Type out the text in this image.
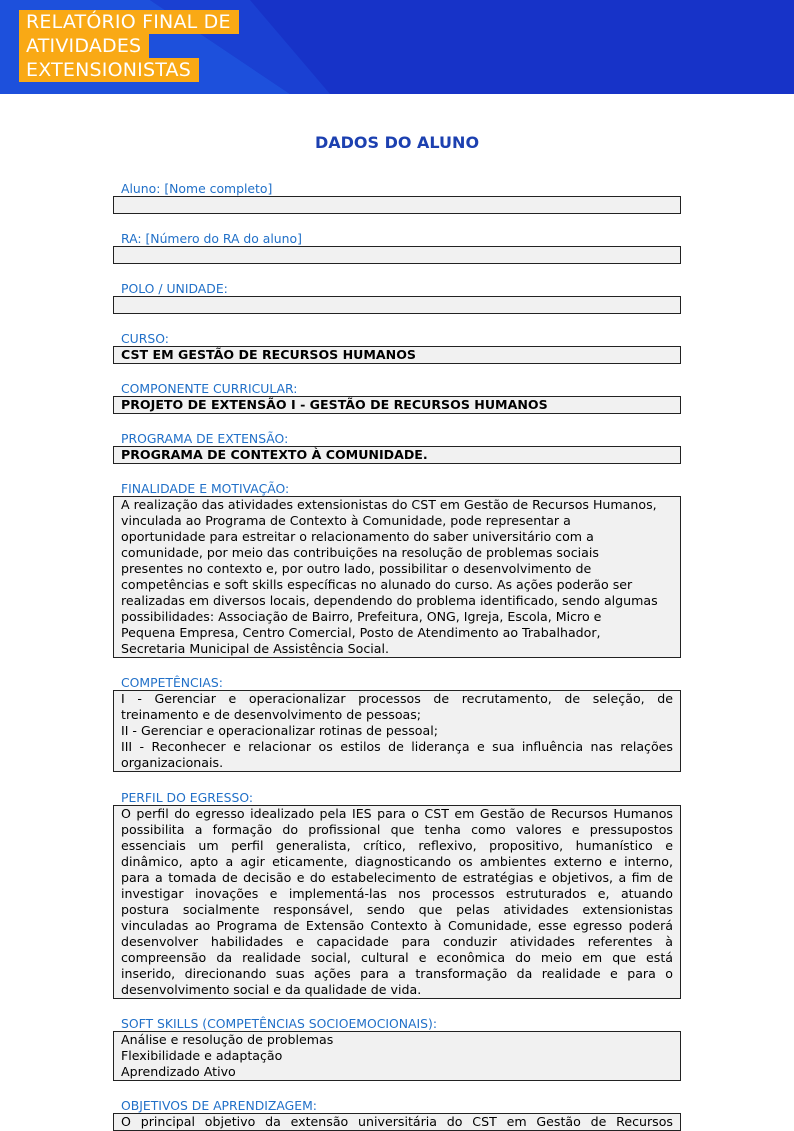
RELATÓRIO FINAL DE
ATIVIDADES
EXTENSIONISTAS
DADOS DO ALUNO
Aluno: [Nome completo]
RA: [Número do RA do aluno]
POLO / UNIDADE:
CURSO:
CST EM GESTÃO DE RECURSOS HUMANOS
COMPONENTE CURRICULAR:
PROJETO DE EXTENSÃO I - GESTÃO DE RECURSOS HUMANOS
PROGRAMA DE EXTENSÃO:
PROGRAMA DE CONTEXTO À COMUNIDADE.
FINALIDADE E MOTIVAÇÃO:
A realização das atividades extensionistas do CST em Gestão de Recursos Humanos,
vinculada ao Programa de Contexto à Comunidade, pode representar a
oportunidade para estreitar o relacionamento do saber universitário com a
comunidade, por meio das contribuições na resolução de problemas sociais
presentes no contexto e, por outro lado, possibilitar o desenvolvimento de
competências e soft skills específicas no alunado do curso. As ações poderão ser
realizadas em diversos locais, dependendo do problema identificado, sendo algumas
possibilidades: Associação de Bairro, Prefeitura, ONG, Igreja, Escola, Micro e
Pequena Empresa, Centro Comercial, Posto de Atendimento ao Trabalhador,
Secretaria Municipal de Assistência Social.
COMPETÊNCIAS:
I - Gerenciar e operacionalizar processos de recrutamento, de seleção, de
treinamento e de desenvolvimento de pessoas;
II - Gerenciar e operacionalizar rotinas de pessoal;
III - Reconhecer e relacionar os estilos de liderança e sua influência nas relações
organizacionais.
PERFIL DO EGRESSO:
O perfil do egresso idealizado pela IES para o CST em Gestão de Recursos Humanos
possibilita a formação do profissional que tenha como valores e pressupostos
essenciais um perfil generalista, crítico, reflexivo, propositivo, humanístico e
dinâmico, apto a agir eticamente, diagnosticando os ambientes externo e interno,
para a tomada de decisão e do estabelecimento de estratégias e objetivos, a fim de
investigar inovações e implementá-las nos processos estruturados e, atuando
postura socialmente responsável, sendo que pelas atividades extensionistas
vinculadas ao Programa de Extensão Contexto à Comunidade, esse egresso poderá
desenvolver habilidades e capacidade para conduzir atividades referentes à
compreensão da realidade social, cultural e econômica do meio em que está
inserido, direcionando suas ações para a transformação da realidade e para o
desenvolvimento social e da qualidade de vida.
SOFT SKILLS (COMPETÊNCIAS SOCIOEMOCIONAIS):
Análise e resolução de problemas
Flexibilidade e adaptação
Aprendizado Ativo
OBJETIVOS DE APRENDIZAGEM:
O principal objetivo da extensão universitária do CST em Gestão de Recursos
